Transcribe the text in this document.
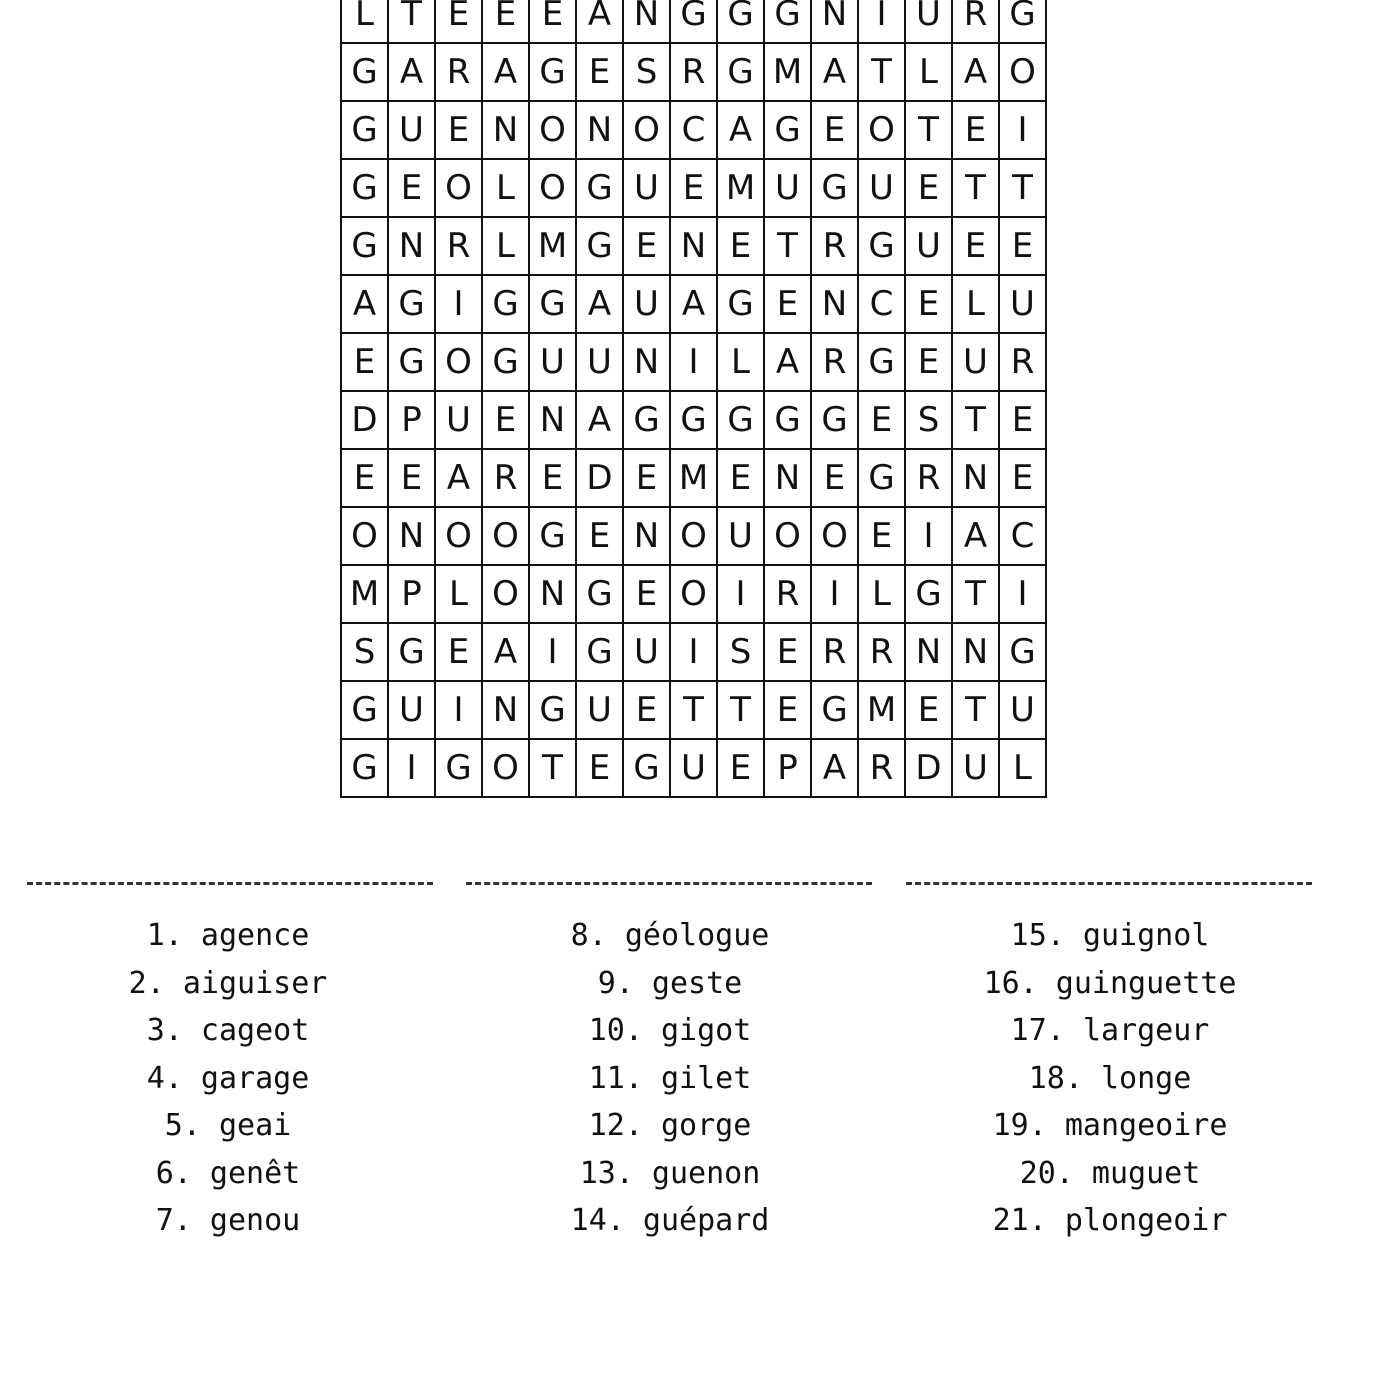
L T E E E A N G G G N I U R G
G A R A G E S R G M A T L A O
G U E N O N O C A G E O T E I
G E O L O G U E M U G U E T T
G N R L M G E N E T R G U E E
A G I G G A U A G E N C E L U
E G O G U U N I L A R G E U R
D P U E N A G G G G G E S T E
E E A R E D E M E N E G R N E
O N O O G E N O U O O E I A C
M P L O N G E O I R I L G T I
S G E A I G U I S E R R N N G
G U I N G U E T T E G M E T U
G I G O T E G U E P A R D U L
1. agence
2. aiguiser
3. cageot
4. garage
5. geai
6. genêt
7. genou
8. géologue
9. geste
10. gigot
11. gilet
12. gorge
13. guenon
14. guépard
15. guignol
16. guinguette
17. largeur
18. longe
19. mangeoire
20. muguet
21. plongeoir
